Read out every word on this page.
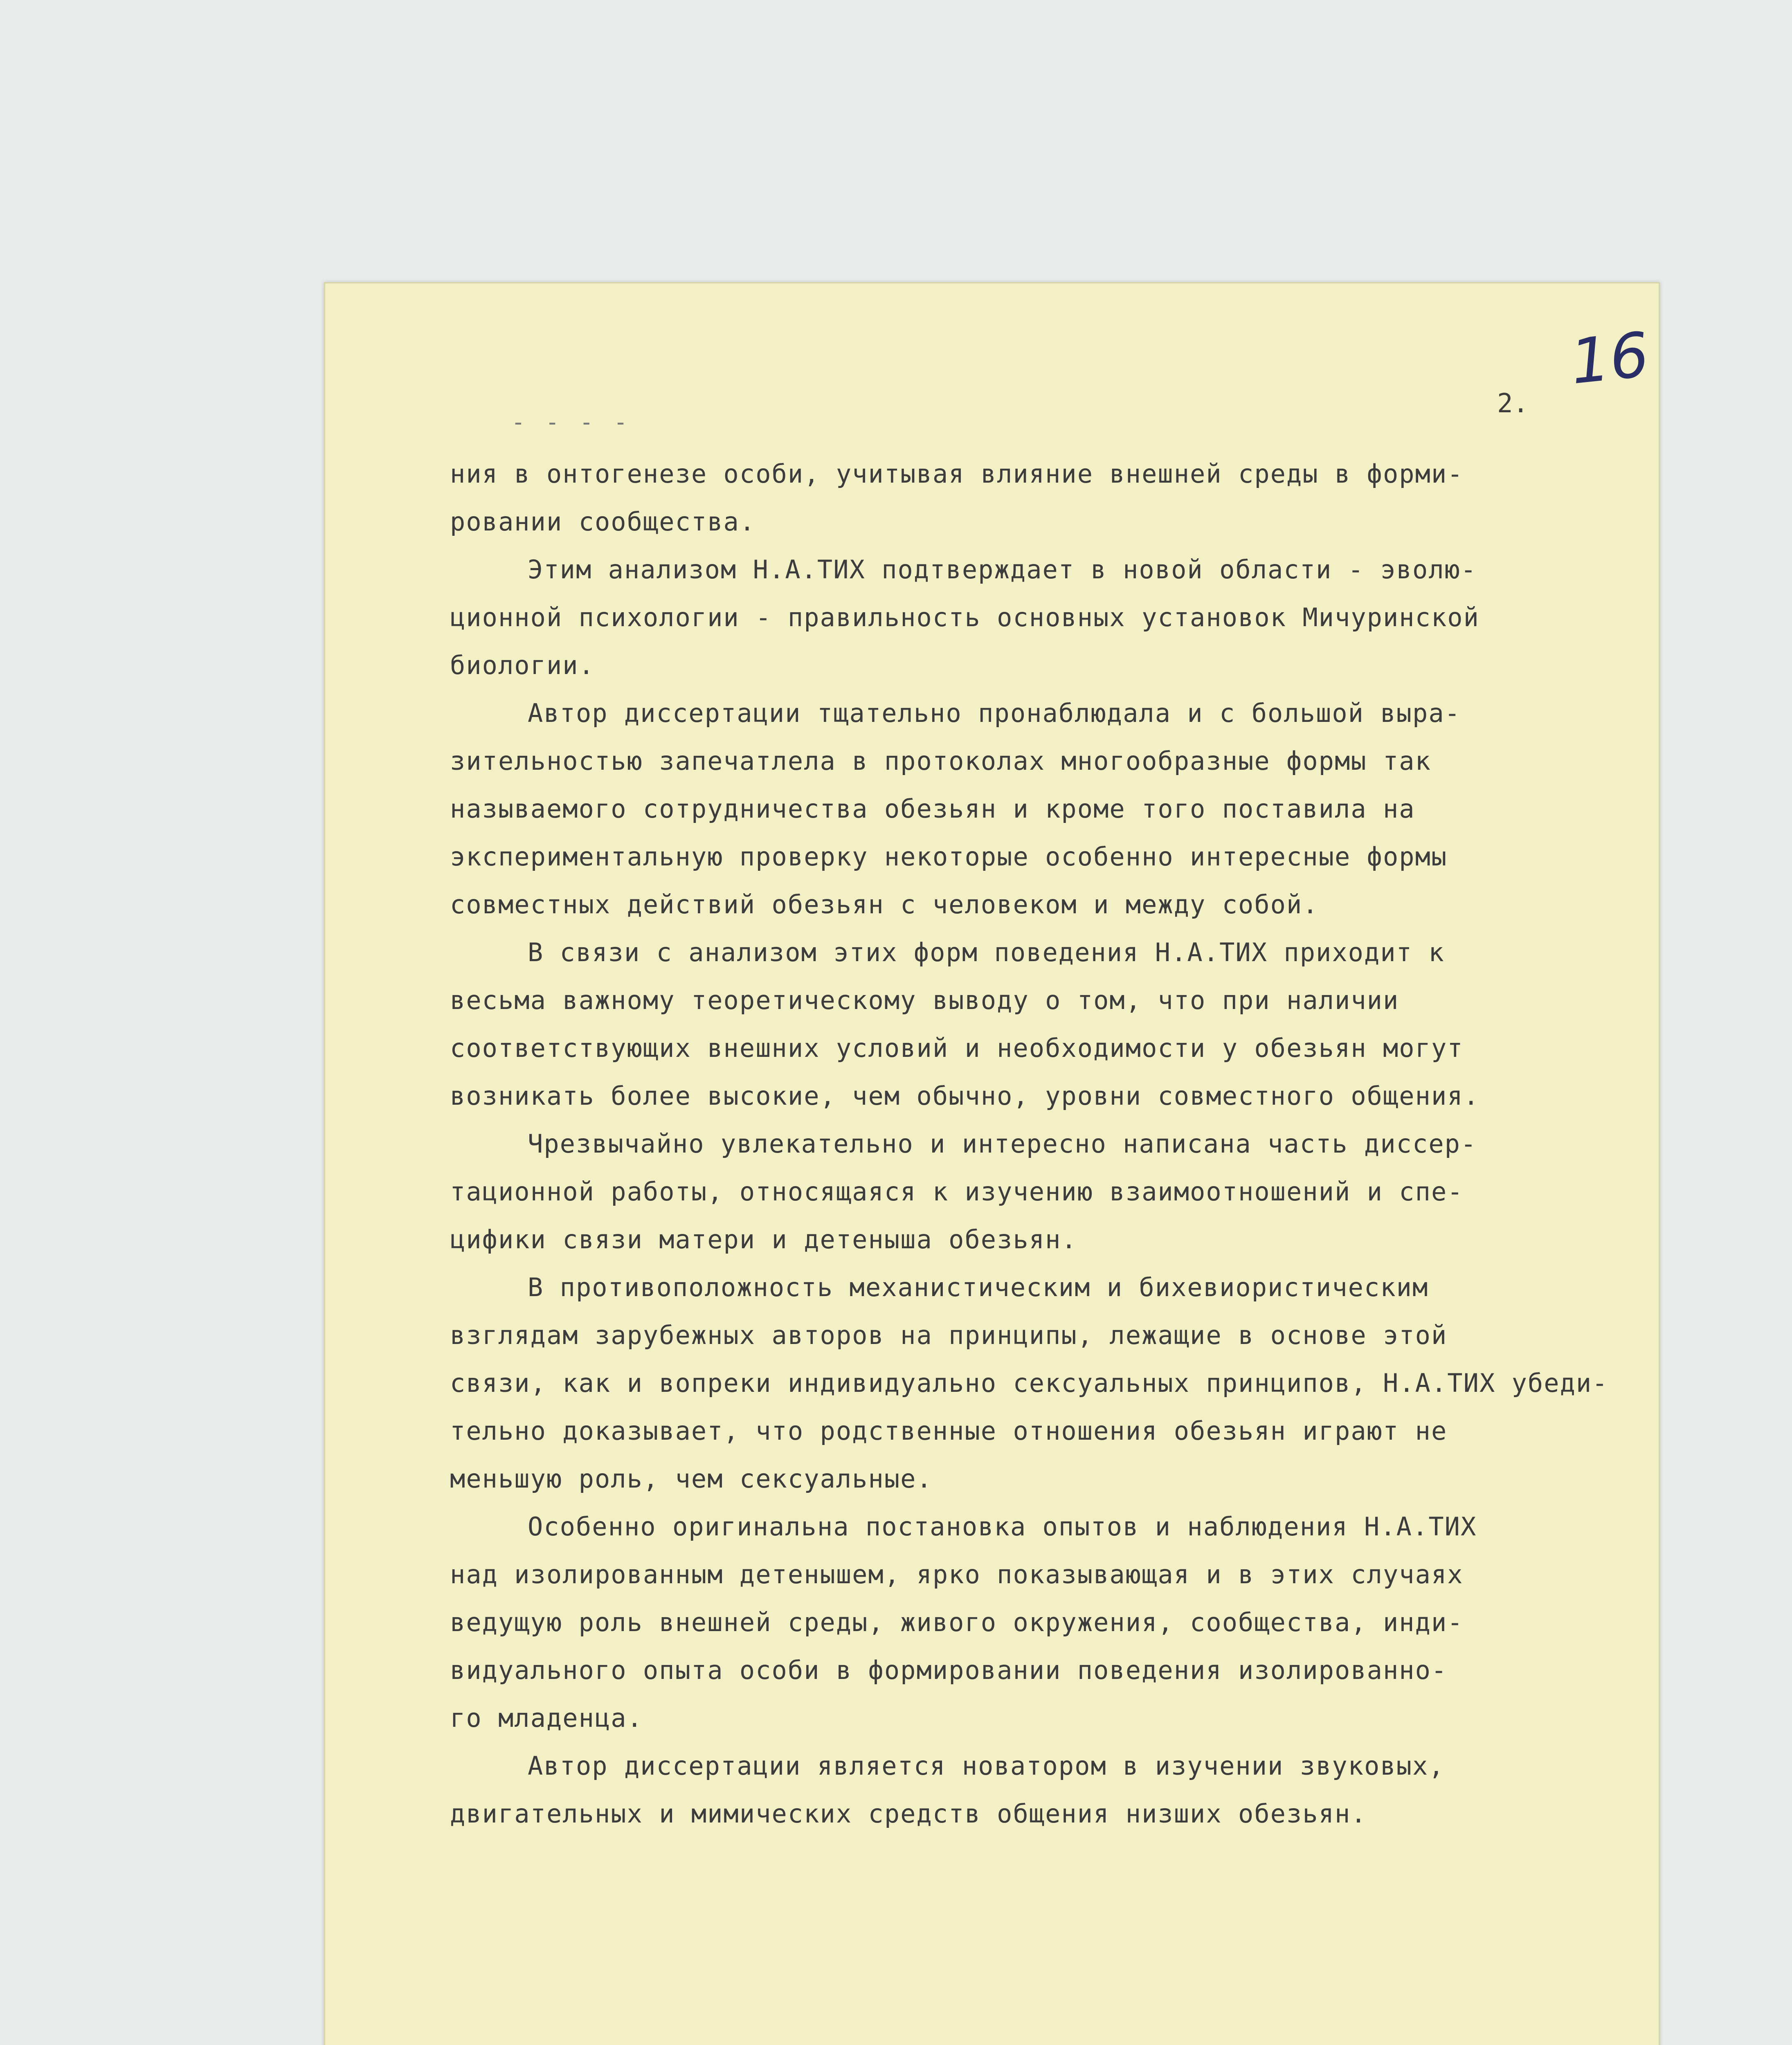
16
2.
- - - -
ния в онтогенезе особи, учитывая влияние внешней среды в форми-
ровании сообщества.
Этим анализом Н.А.ТИХ подтверждает в новой области - эволю-
ционной психологии - правильность основных установок Мичуринской
биологии.
Автор диссертации тщательно пронаблюдала и с большой выра-
зительностью запечатлела в протоколах многообразные формы так
называемого сотрудничества обезьян и кроме того поставила на
экспериментальную проверку некоторые особенно интересные формы
совместных действий обезьян с человеком и между собой.
В связи с анализом этих форм поведения Н.А.ТИХ приходит к
весьма важному теоретическому выводу о том, что при наличии
соответствующих внешних условий и необходимости у обезьян могут
возникать более высокие, чем обычно, уровни совместного общения.
Чрезвычайно увлекательно и интересно написана часть диссер-
тационной работы, относящаяся к изучению взаимоотношений и спе-
цифики связи матери и детеныша обезьян.
В противоположность механистическим и бихевиористическим
взглядам зарубежных авторов на принципы, лежащие в основе этой
связи, как и вопреки индивидуально сексуальных принципов, Н.А.ТИХ убеди-
тельно доказывает, что родственные отношения обезьян играют не
меньшую роль, чем сексуальные.
Особенно оригинальна постановка опытов и наблюдения Н.А.ТИХ
над изолированным детенышем, ярко показывающая и в этих случаях
ведущую роль внешней среды, живого окружения, сообщества, инди-
видуального опыта особи в формировании поведения изолированно-
го младенца.
Автор диссертации является новатором в изучении звуковых,
двигательных и мимических средств общения низших обезьян.
